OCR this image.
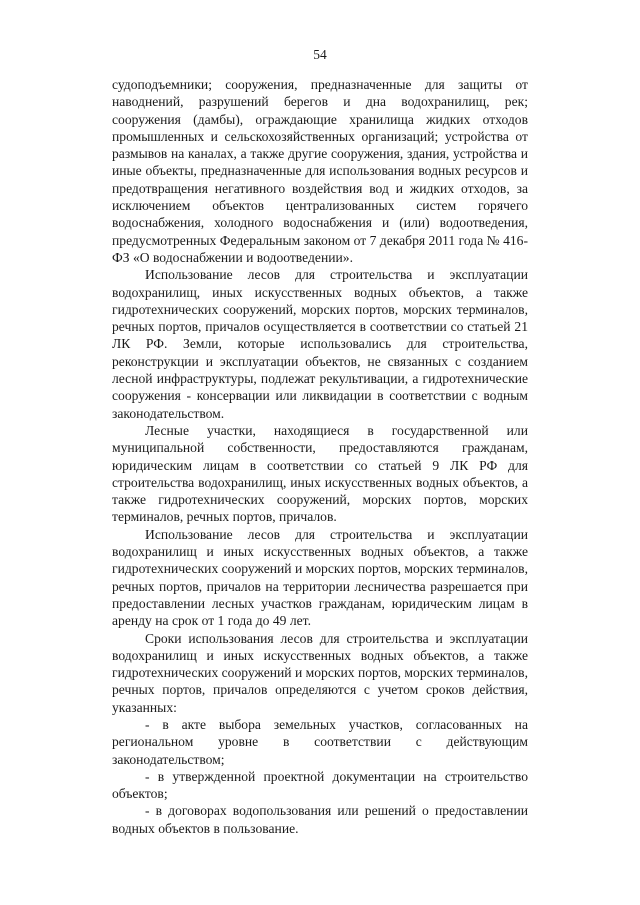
54

судоподъемники; сооружения, предназначенные для защиты от наводнений, разрушений берегов и дна водохранилищ, рек; сооружения (дамбы), ограждающие хранилища жидких отходов промышленных и сельскохозяйственных организаций; устройства от размывов на каналах, а также другие сооружения, здания, устройства и иные объекты, предназначенные для использования водных ресурсов и предотвращения негативного воздействия вод и жидких отходов, за исключением объектов централизованных систем горячего водоснабжения, холодного водоснабжения и (или) водоотведения, предусмотренных Федеральным законом от 7 декабря 2011 года № 416-ФЗ «О водоснабжении и водоотведении».

Использование лесов для строительства и эксплуатации водохранилищ, иных искусственных водных объектов, а также гидротехнических сооружений, морских портов, морских терминалов, речных портов, причалов осуществляется в соответствии со статьей 21 ЛК РФ. Земли, которые использовались для строительства, реконструкции и эксплуатации объектов, не связанных с созданием лесной инфраструктуры, подлежат рекультивации, а гидротехнические сооружения - консервации или ликвидации в соответствии с водным законодательством.

Лесные участки, находящиеся в государственной или муниципальной собственности, предоставляются гражданам, юридическим лицам в соответствии со статьей 9 ЛК РФ для строительства водохранилищ, иных искусственных водных объектов, а также гидротехнических сооружений, морских портов, морских терминалов, речных портов, причалов.

Использование лесов для строительства и эксплуатации водохранилищ и иных искусственных водных объектов, а также гидротехнических сооружений и морских портов, морских терминалов, речных портов, причалов на территории лесничества разрешается при предоставлении лесных участков гражданам, юридическим лицам в аренду на срок от 1 года до 49 лет.

Сроки использования лесов для строительства и эксплуатации водохранилищ и иных искусственных водных объектов, а также гидротехнических сооружений и морских портов, морских терминалов, речных портов, причалов определяются с учетом сроков действия, указанных:

- в акте выбора земельных участков, согласованных на региональном уровне в соответствии с действующим законодательством;

- в утвержденной проектной документации на строительство объектов;

- в договорах водопользования или решений о предоставлении водных объектов в пользование.
